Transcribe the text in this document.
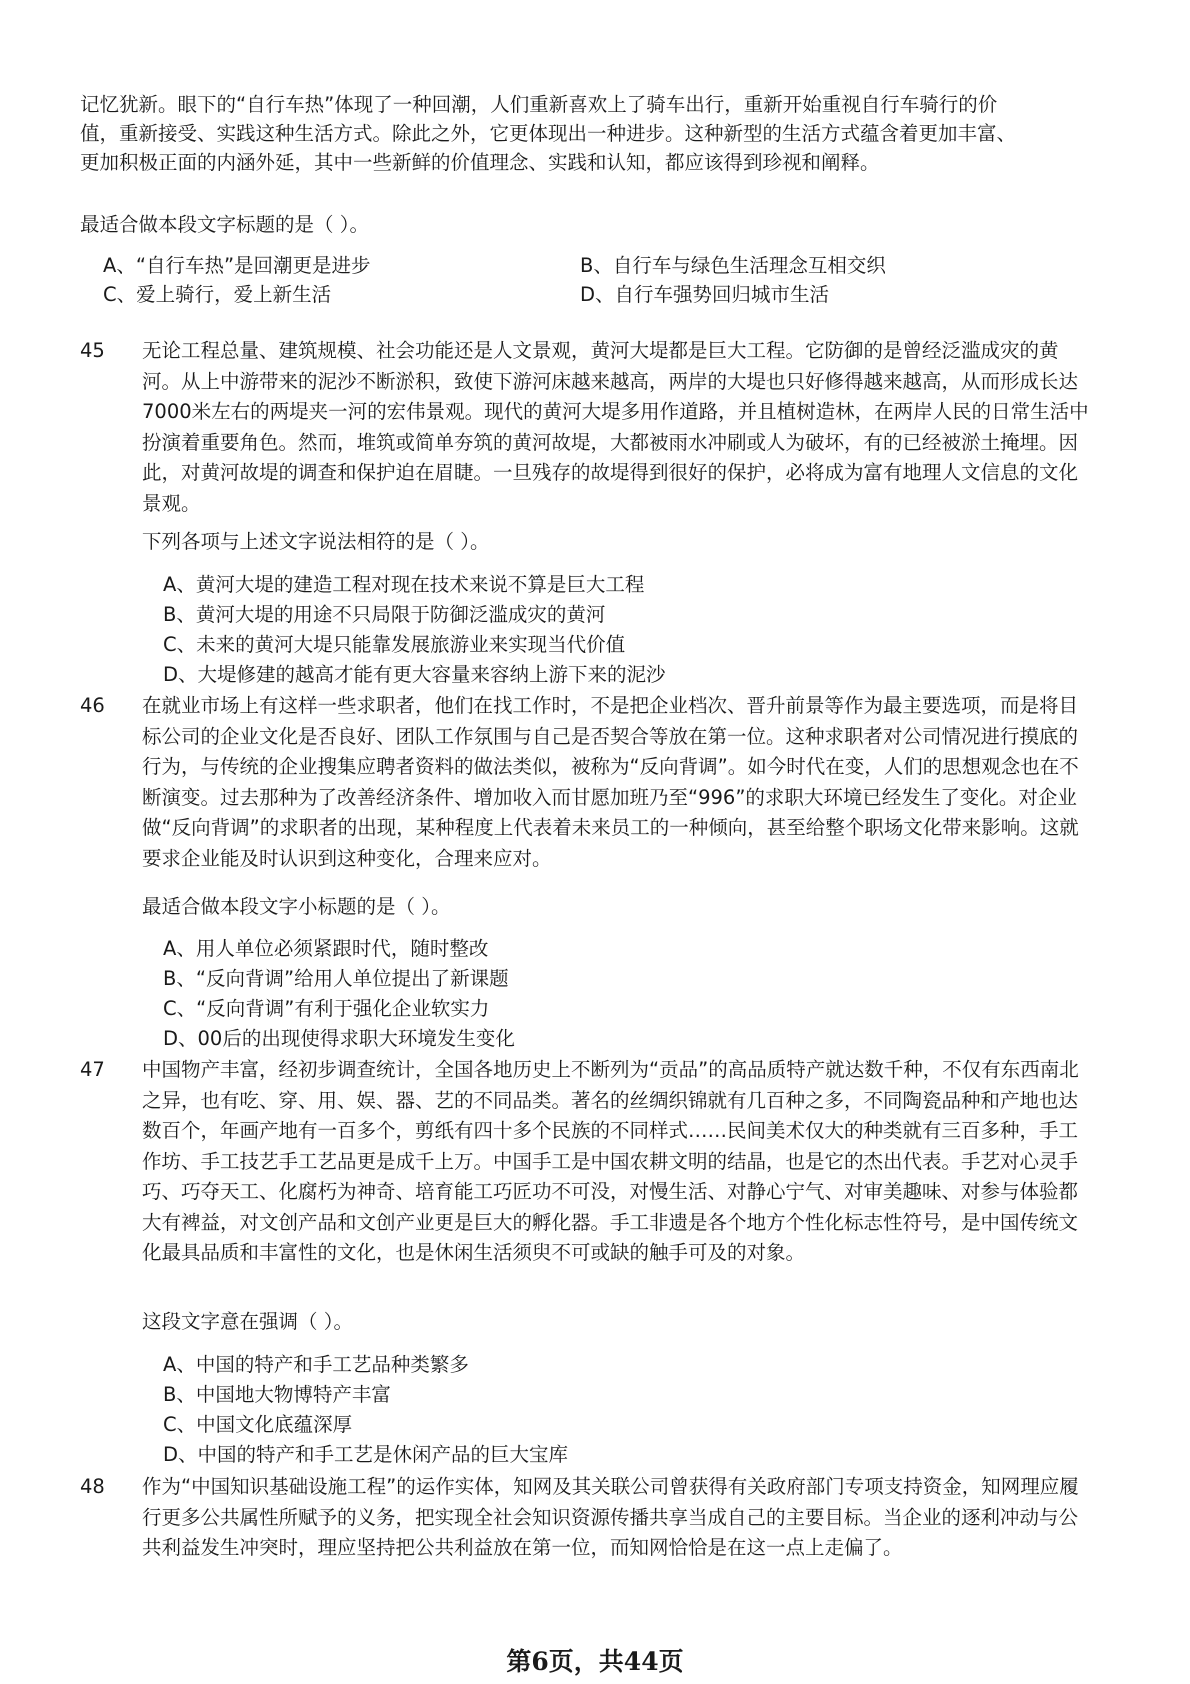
记忆犹新。眼下的“自行车热”体现了一种回潮，人们重新喜欢上了骑车出行，重新开始重视自行车骑行的价值，重新接受、实践这种生活方式。除此之外，它更体现出一种进步。这种新型的生活方式蕴含着更加丰富、更加积极正面的内涵外延，其中一些新鲜的价值理念、实践和认知，都应该得到珍视和阐释。

最适合做本段文字标题的是（ ）。

A、“自行车热”是回潮更是进步	B、自行车与绿色生活理念互相交织
C、爱上骑行，爱上新生活	D、自行车强势回归城市生活
45 无论工程总量、建筑规模、社会功能还是人文景观，黄河大堤都是巨大工程。它防御的是曾经泛滥成灾的黄河。从上中游带来的泥沙不断淤积，致使下游河床越来越高，两岸的大堤也只好修得越来越高，从而形成长达7000米左右的两堤夹一河的宏伟景观。现代的黄河大堤多用作道路，并且植树造林，在两岸人民的日常生活中扮演着重要角色。然而，堆筑或简单夯筑的黄河故堤，大都被雨水冲刷或人为破坏，有的已经被淤土掩埋。因此，对黄河故堤的调查和保护迫在眉睫。一旦残存的故堤得到很好的保护，必将成为富有地理人文信息的文化景观。

下列各项与上述文字说法相符的是（ ）。

A、黄河大堤的建造工程对现在技术来说不算是巨大工程
B、黄河大堤的用途不只局限于防御泛滥成灾的黄河
C、未来的黄河大堤只能靠发展旅游业来实现当代价值
D、大堤修建的越高才能有更大容量来容纳上游下来的泥沙
46 在就业市场上有这样一些求职者，他们在找工作时，不是把企业档次、晋升前景等作为最主要选项，而是将目标公司的企业文化是否良好、团队工作氛围与自己是否契合等放在第一位。这种求职者对公司情况进行摸底的行为，与传统的企业搜集应聘者资料的做法类似，被称为“反向背调”。如今时代在变，人们的思想观念也在不断演变。过去那种为了改善经济条件、增加收入而甘愿加班乃至“996”的求职大环境已经发生了变化。对企业做“反向背调”的求职者的出现，某种程度上代表着未来员工的一种倾向，甚至给整个职场文化带来影响。这就要求企业能及时认识到这种变化，合理来应对。

最适合做本段文字小标题的是（ ）。

A、用人单位必须紧跟时代，随时整改
B、“反向背调”给用人单位提出了新课题
C、“反向背调”有利于强化企业软实力
D、00后的出现使得求职大环境发生变化
47 中国物产丰富，经初步调查统计，全国各地历史上不断列为“贡品”的高品质特产就达数千种，不仅有东西南北之异，也有吃、穿、用、娱、器、艺的不同品类。著名的丝绸织锦就有几百种之多，不同陶瓷品种和产地也达数百个，年画产地有一百多个，剪纸有四十多个民族的不同样式……民间美术仅大的种类就有三百多种，手工作坊、手工技艺手工艺品更是成千上万。中国手工是中国农耕文明的结晶，也是它的杰出代表。手艺对心灵手巧、巧夺天工、化腐朽为神奇、培育能工巧匠功不可没，对慢生活、对静心宁气、对审美趣味、对参与体验都大有裨益，对文创产品和文创产业更是巨大的孵化器。手工非遗是各个地方个性化标志性符号，是中国传统文化最具品质和丰富性的文化，也是休闲生活须臾不可或缺的触手可及的对象。

这段文字意在强调（ ）。

A、中国的特产和手工艺品种类繁多
B、中国地大物博特产丰富
C、中国文化底蕴深厚
D、中国的特产和手工艺是休闲产品的巨大宝库
48 作为“中国知识基础设施工程”的运作实体，知网及其关联公司曾获得有关政府部门专项支持资金，知网理应履行更多公共属性所赋予的义务，把实现全社会知识资源传播共享当成自己的主要目标。当企业的逐利冲动与公共利益发生冲突时，理应坚持把公共利益放在第一位，而知网恰恰是在这一点上走偏了。

第6页，共44页
